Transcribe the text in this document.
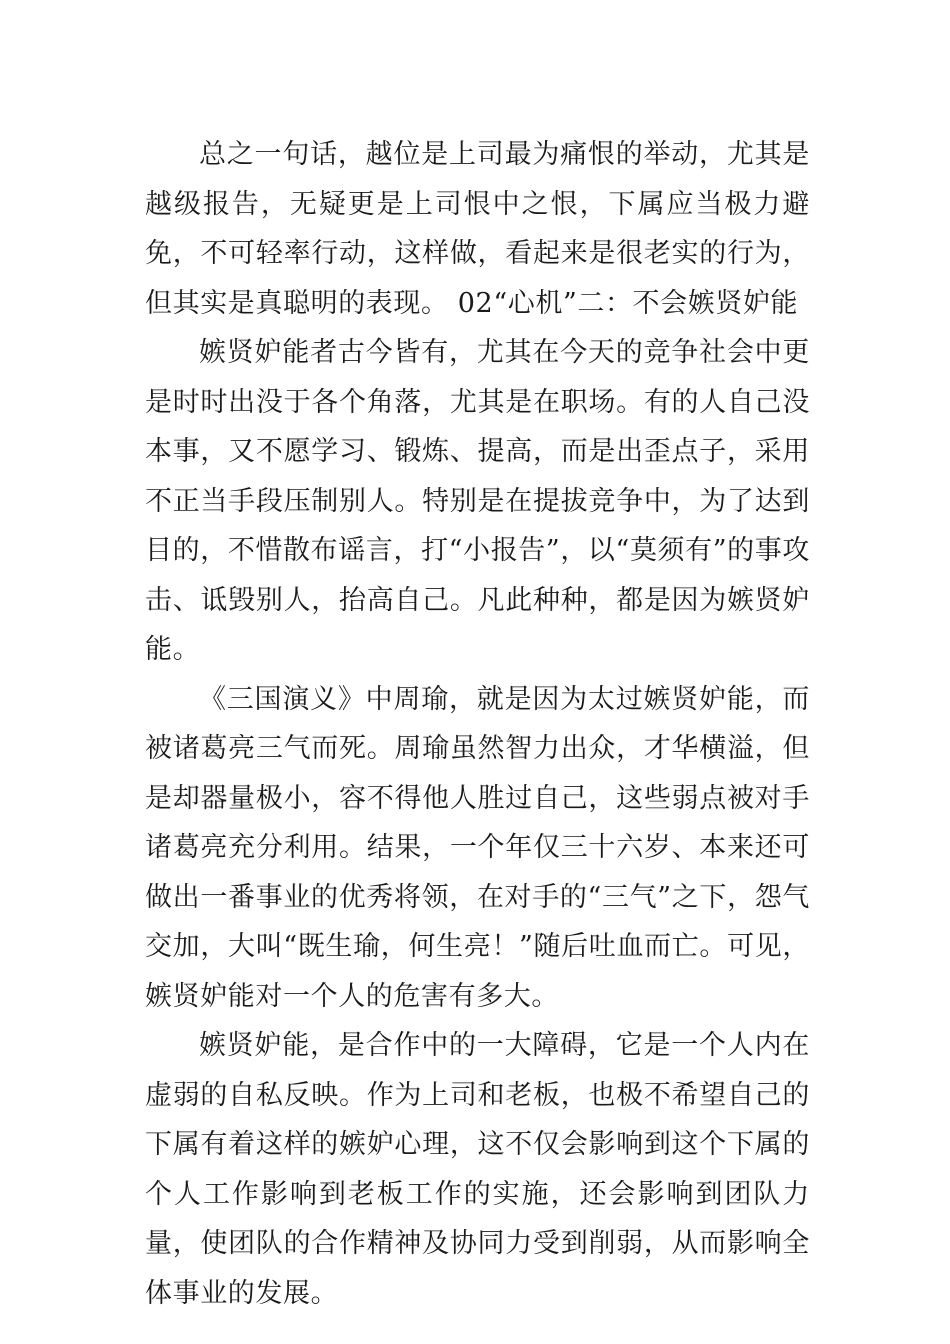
总之一句话，越位是上司最为痛恨的举动，尤其是越级报告，无疑更是上司恨中之恨，下属应当极力避免，不可轻率行动，这样做，看起来是很老实的行为，但其实是真聪明的表现。 02“心机”二：不会嫉贤妒能

嫉贤妒能者古今皆有，尤其在今天的竞争社会中更是时时出没于各个角落，尤其是在职场。有的人自己没本事，又不愿学习、锻炼、提高，而是出歪点子，采用不正当手段压制别人。特别是在提拔竞争中，为了达到目的，不惜散布谣言，打“小报告”，以“莫须有”的事攻击、诋毁别人，抬高自己。凡此种种，都是因为嫉贤妒能。

《三国演义》中周瑜，就是因为太过嫉贤妒能，而被诸葛亮三气而死。周瑜虽然智力出众，才华横溢，但是却器量极小，容不得他人胜过自己，这些弱点被对手诸葛亮充分利用。结果，一个年仅三十六岁、本来还可做出一番事业的优秀将领，在对手的“三气”之下，怨气交加，大叫“既生瑜，何生亮！”随后吐血而亡。可见，嫉贤妒能对一个人的危害有多大。

嫉贤妒能，是合作中的一大障碍，它是一个人内在虚弱的自私反映。作为上司和老板，也极不希望自己的下属有着这样的嫉妒心理，这不仅会影响到这个下属的个人工作影响到老板工作的实施，还会影响到团队力量，使团队的合作精神及协同力受到削弱，从而影响全体事业的发展。
